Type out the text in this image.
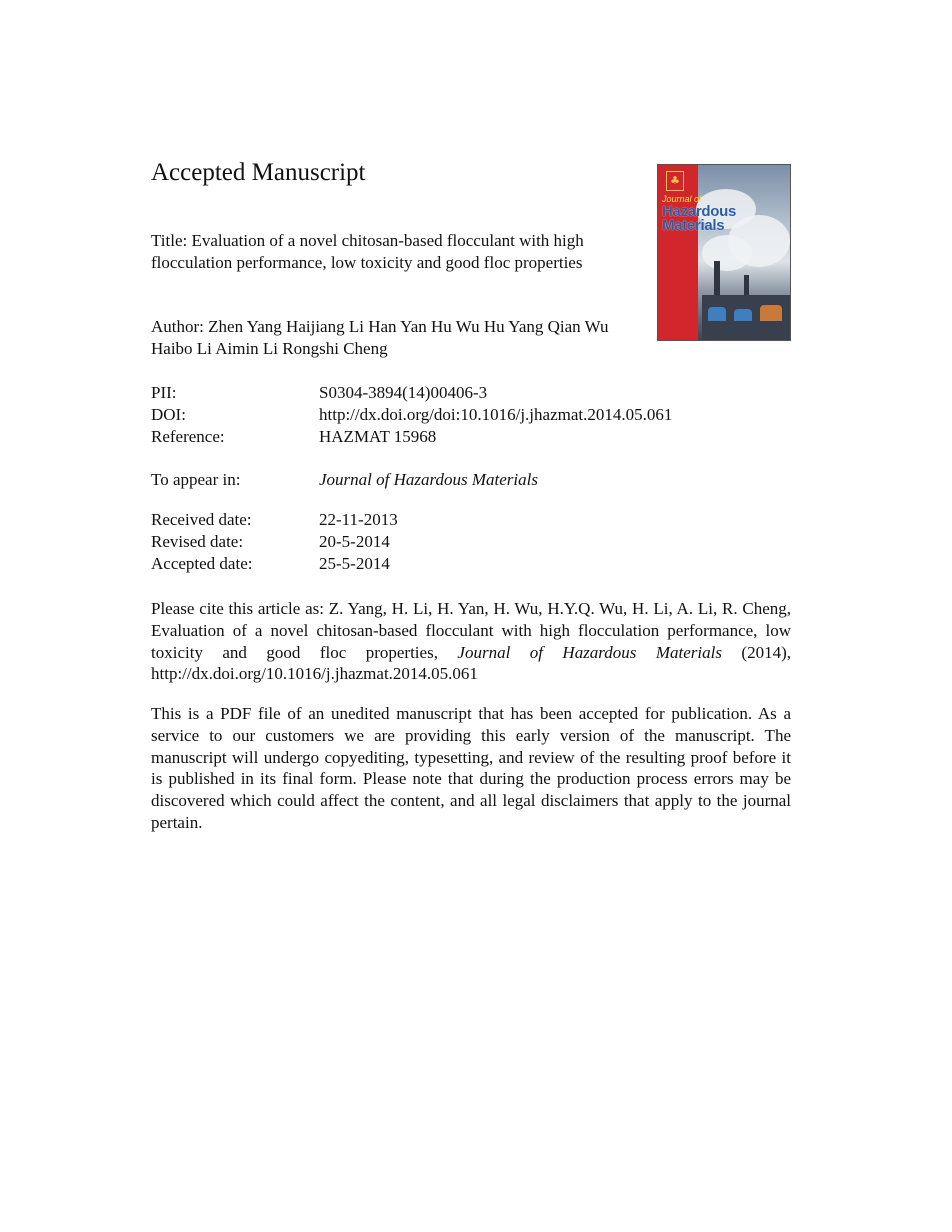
Accepted Manuscript	♣
Journal of
Hazardous
Materials
Title: Evaluation of a novel chitosan-based flocculant with high flocculation performance, low toxicity and good floc properties
Author: Zhen Yang Haijiang Li Han Yan Hu Wu Hu Yang Qian Wu Haibo Li Aimin Li Rongshi Cheng
PII:	S0304-3894(14)00406-3
DOI:	http://dx.doi.org/doi:10.1016/j.jhazmat.2014.05.061
Reference:	HAZMAT 15968
To appear in:	Journal of Hazardous Materials
Received date:	22-11-2013
Revised date:	20-5-2014
Accepted date:	25-5-2014
Please cite this article as: Z. Yang, H. Li, H. Yan, H. Wu, H.Y.Q. Wu, H. Li, A. Li, R. Cheng, Evaluation of a novel chitosan-based flocculant with high flocculation performance, low toxicity and good floc properties, Journal of Hazardous Materials (2014), http://dx.doi.org/10.1016/j.jhazmat.2014.05.061
This is a PDF file of an unedited manuscript that has been accepted for publication. As a service to our customers we are providing this early version of the manuscript. The manuscript will undergo copyediting, typesetting, and review of the resulting proof before it is published in its final form. Please note that during the production process errors may be discovered which could affect the content, and all legal disclaimers that apply to the journal pertain.
